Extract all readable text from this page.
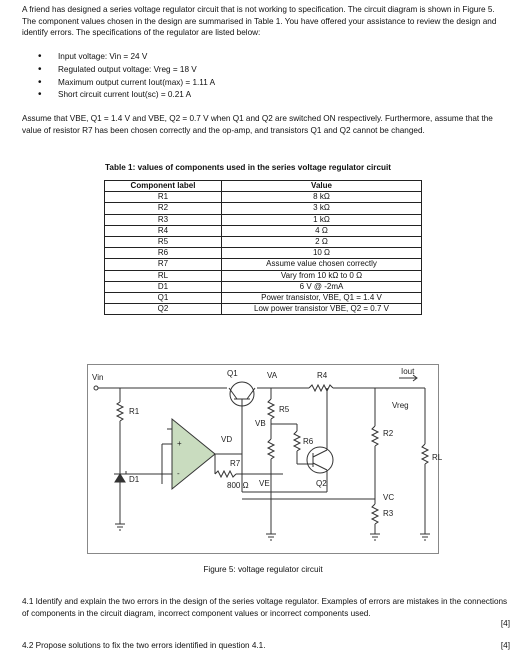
A friend has designed a series voltage regulator circuit that is not working to specification. The circuit diagram is shown in Figure 5. The component values chosen in the design are summarised in Table 1. You have offered your assistance to review the design and identify errors. The specifications of the regulator are listed below:

• Input voltage: Vin = 24 V
• Regulated output voltage: Vreg = 18 V
• Maximum output current Iout(max) = 1.11 A
• Short circuit current Iout(sc) = 0.21 A

Assume that VBE, Q1 = 1.4 V and VBE, Q2 = 0.7 V when Q1 and Q2 are switched ON respectively. Furthermore, assume that the value of resistor R7 has been chosen correctly and the op-amp, and transistors Q1 and Q2 cannot be changed.

Table 1: values of components used in the series voltage regulator circuit
Component label	Value
R1	8 kΩ
R2	3 kΩ
R3	1 kΩ
R4	4 Ω
R5	2 Ω
R6	10 Ω
R7	Assume value chosen correctly
RL	Vary from 10 kΩ to 0 Ω
D1	6 V @ -2mA
Q1	Power transistor, VBE, Q1 = 1.4 V
Q2	Low power transistor VBE, Q2 = 0.7 V
Vin
R1
D1
+
-
Q1	VA	R4	Iout
Vreg
R5
VB
R6
Q2
R2
RL
VC
R3
VD
R7
800 Ω VE
Figure 5: voltage regulator circuit

4.1 Identify and explain the two errors in the design of the series voltage regulator. Examples of errors are mistakes in the connections of components in the circuit diagram, incorrect component values or incorrect components used.

[4]

4.2 Propose solutions to fix the two errors identified in question 4.1.	[4]
